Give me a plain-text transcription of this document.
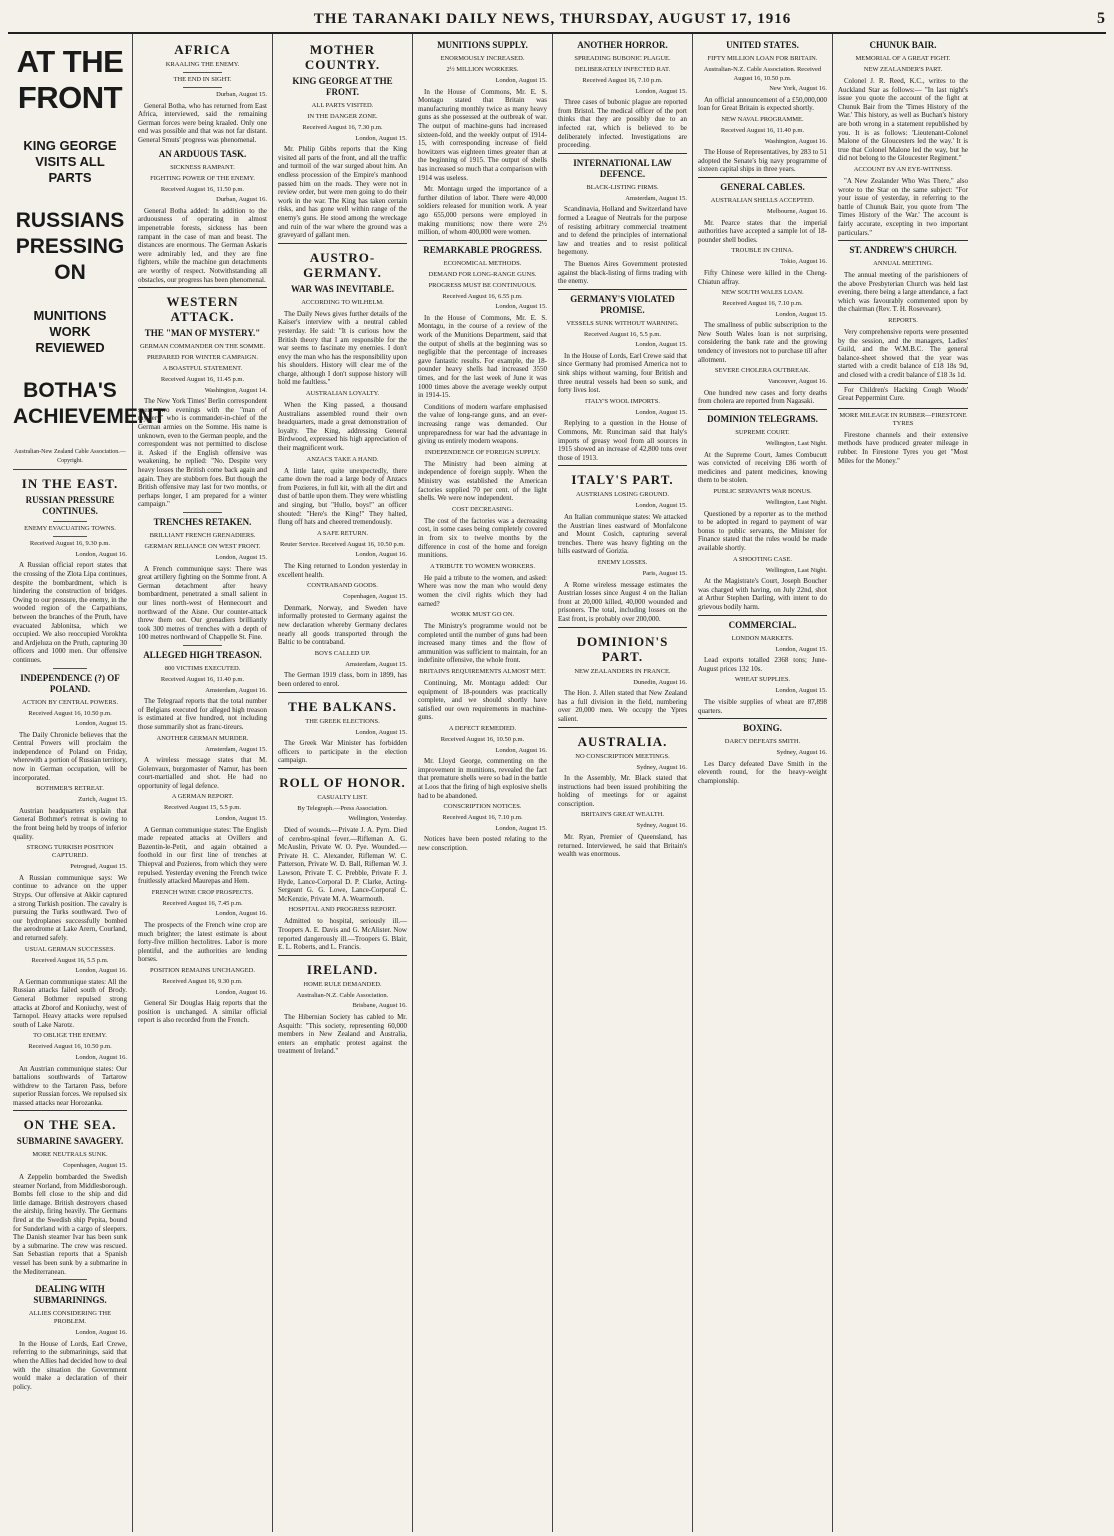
THE TARANAKI DAILY NEWS, THURSDAY, AUGUST 17, 1916	5
AT THE FRONT
KING GEORGE VISITS ALL PARTS
RUSSIANS PRESSING ON
MUNITIONS WORK REVIEWED
BOTHA'S ACHIEVEMENT
Australian-New Zealand Cable Association.—Copyright.
IN THE EAST.
RUSSIAN PRESSURE CONTINUES.
ENEMY EVACUATING TOWNS.
Received August 16, 9.30 p.m.
London, August 16.

A Russian official report states that the crossing of the Zlota Lipa continues, despite the bombardment, which is hindering the construction of bridges. Owing to our pressure, the enemy, in the wooded region of the Carpathians, between the branches of the Pruth, have evacuated Jablonitsa, which we occupied. We also reoccupied Vorokhta and Ardjeluza on the Pruth, capturing 30 officers and 1000 men. Our offensive continues.

INDEPENDENCE (?) OF POLAND.
ACTION BY CENTRAL POWERS.
Received August 16, 10.50 p.m.
London, August 15.

The Daily Chronicle believes that the Central Powers will proclaim the independence of Poland on Friday, wherewith a portion of Russian territory, now in German occupation, will be incorporated.

BOTHMER'S RETREAT.
Zurich, August 15.

Austrian headquarters explain that General Bothmer's retreat is owing to the front being held by troops of inferior quality.

STRONG TURKISH POSITION CAPTURED.
Petrograd, August 15.

A Russian communique says: We continue to advance on the upper Stryps. Our offensive at Akkir captured a strong Turkish position. The cavalry is pursuing the Turks southward. Two of our hydroplanes successfully bombed the aerodrome at Lake Arern, Courland, and returned safely.

USUAL GERMAN SUCCESSES.
Received August 16, 5.5 p.m.
London, August 16.

A German communique states: All the Russian attacks failed south of Brody. General Bothmer repulsed strong attacks at Zborof and Koniuchy, west of Tarnopol. Heavy attacks were repulsed south of Lake Narotz.

TO OBLIGE THE ENEMY.
Received August 16, 10.50 p.m.
London, August 16.

An Austrian communique states: Our battalions southwards of Tartarow withdrew to the Tartaren Pass, before superior Russian forces. We repulsed six massed attacks near Horozanka.

ON THE SEA.
SUBMARINE SAVAGERY.
MORE NEUTRALS SUNK.
Copenhagen, August 15.

A Zeppelin bombarded the Swedish steamer Norland, from Middlesborough. Bombs fell close to the ship and did little damage. British destroyers chased the airship, firing heavily. The Germans fired at the Swedish ship Pepita, bound for Sunderland with a cargo of sleepers. The Danish steamer Ivar has been sunk by a submarine. The crew was rescued. San Sebastian reports that a Spanish vessel has been sunk by a submarine in the Mediterranean.

DEALING WITH SUBMARININGS.
ALLIES CONSIDERING THE PROBLEM.
London, August 16.

In the House of Lords, Earl Crewe, referring to the submarinings, said that when the Allies had decided how to deal with the situation the Government would make a declaration of their policy.

AFRICA
KRAALING THE ENEMY.
THE END IN SIGHT.
Durban, August 15.

General Botha, who has returned from East Africa, interviewed, said the remaining German forces were being kraaled. Only one end was possible and that was not far distant. General Smuts' progress was phenomenal.

AN ARDUOUS TASK.
SICKNESS RAMPANT.
FIGHTING POWER OF THE ENEMY.
Received August 16, 11.50 p.m.
Durban, August 16.

General Botha added: In addition to the arduousness of operating in almost impenetrable forests, sickness has been rampant in the case of man and beast. The distances are enormous. The German Askaris were admirably led, and they are fine fighters, while the machine gun detachments are worthy of respect. Notwithstanding all obstacles, our progress has been phenomenal.

WESTERN ATTACK.
THE "MAN OF MYSTERY."
GERMAN COMMANDER ON THE SOMME.
PREPARED FOR WINTER CAMPAIGN.
A BOASTFUL STATEMENT.
Received August 16, 11.45 p.m.
Washington, August 14.

The New York Times' Berlin correspondent spent two evenings with the "man of mystery" who is commander-in-chief of the German armies on the Somme. His name is unknown, even to the German people, and the correspondent was not permitted to disclose it. Asked if the English offensive was weakening, he replied: "No. Despite very heavy losses the British come back again and again. They are stubborn foes. But though the British offensive may last for two months, or perhaps longer, I am prepared for a winter campaign."

TRENCHES RETAKEN.
BRILLIANT FRENCH GRENADIERS.
GERMAN RELIANCE ON WEST FRONT.
London, August 15.

A French communique says: There was great artillery fighting on the Somme front. A German detachment after heavy bombardment, penetrated a small salient in our lines north-west of Hennecourt and northward of the Aisne. Our counter-attack threw them out. Our grenadiers brilliantly took 300 metres of trenches with a depth of 100 metres northward of Chappelle St. Fine.

ALLEGED HIGH TREASON.
800 VICTIMS EXECUTED.
Received August 16, 11.40 p.m.
Amsterdam, August 16.

The Telegraaf reports that the total number of Belgians executed for alleged high treason is estimated at five hundred, not including those summarily shot as franc-tireurs.

ANOTHER GERMAN MURDER.
Amsterdam, August 15.

A wireless message states that M. Golenvaux, burgomaster of Namur, has been court-martialled and shot. He had no opportunity of legal defence.

A GERMAN REPORT.
Received August 15, 5.5 p.m.
London, August 15.

A German communique states: The English made repeated attacks at Ovillers and Bazentin-le-Petit, and again obtained a foothold in our first line of trenches at Thiepval and Pozieres, from which they were repulsed. Yesterday evening the French twice fruitlessly attacked Maurepas and Hem.

FRENCH WINE CROP PROSPECTS.
Received August 16, 7.45 p.m.
London, August 16.

The prospects of the French wine crop are much brighter; the latest estimate is about forty-five million hectolitres. Labor is more plentiful, and the authorities are lending horses.

POSITION REMAINS UNCHANGED.
Received August 16, 9.30 p.m.
London, August 16.

General Sir Douglas Haig reports that the position is unchanged. A similar official report is also recorded from the French.

MOTHER COUNTRY.
KING GEORGE AT THE FRONT.
ALL PARTS VISITED.
IN THE DANGER ZONE.
Received August 16, 7.30 p.m.
London, August 15.

Mr. Philip Gibbs reports that the King visited all parts of the front, and all the traffic and turmoil of the war surged about him. An endless procession of the Empire's manhood passed him on the roads. They were not in review order, but were men going to do their work in the war. The King has taken certain risks, and has gone well within range of the enemy's guns. He stood among the wreckage and ruin of the war where the ground was a graveyard of gallant men.

AUSTRO-GERMANY.
WAR WAS INEVITABLE.
ACCORDING TO WILHELM.

The Daily News gives further details of the Kaiser's interview with a neutral cabled yesterday. He said: "It is curious how the British theory that I am responsible for the war seems to fascinate my enemies. I don't envy the man who has the responsibility upon his shoulders. History will clear me of the charge, although I don't suppose history will hold me faultless."

AUSTRALIAN LOYALTY.

When the King passed, a thousand Australians assembled round their own headquarters, made a great demonstration of loyalty. The King, addressing General Birdwood, expressed his high appreciation of their magnificent work.

ANZACS TAKE A HAND.

A little later, quite unexpectedly, there came down the road a large body of Anzacs from Pozieres, in full kit, with all the dirt and dust of battle upon them. They were whistling and singing, but "Hullo, boys!" an officer shouted: "Here's the King!" They halted, flung off hats and cheered tremendously.

A SAFE RETURN.
Reuter Service. Received August 16, 10.50 p.m.
London, August 16.

The King returned to London yesterday in excellent health.

CONTRABAND GOODS.
Copenhagen, August 15.

Denmark, Norway, and Sweden have informally protested to Germany against the new declaration whereby Germany declares nearly all goods transported through the Baltic to be contraband.

BOYS CALLED UP.
Amsterdam, August 15.

The German 1919 class, born in 1899, has been ordered to enrol.

THE BALKANS.
THE GREEK ELECTIONS.
London, August 15.

The Greek War Minister has forbidden officers to participate in the election campaign.

ROLL OF HONOR.
CASUALTY LIST.
By Telegraph.—Press Association.
Wellington, Yesterday.

Died of wounds.—Private J. A. Pyrn. Died of cerebro-spinal fever.—Rifleman A. G. McAuslin, Private W. O. Pye. Wounded.—Private H. C. Alexander, Rifleman W. C. Patterson, Private W. D. Ball, Rifleman W. J. Lawson, Private T. C. Prebble, Private F. J. Hyde, Lance-Corporal D. P. Clarke, Acting-Sergeant G. G. Lowe, Lance-Corporal C. McKenzie, Private M. A. Wearmouth.

HOSPITAL AND PROGRESS REPORT.

Admitted to hospital, seriously ill.—Troopers A. E. Davis and G. McAlister. Now reported dangerously ill.—Troopers G. Blair, E. L. Roberts, and L. Francis.

IRELAND.
HOME RULE DEMANDED.
Australian-N.Z. Cable Association.
Brisbane, August 16.

The Hibernian Society has cabled to Mr. Asquith: "This society, representing 60,000 members in New Zealand and Australia, enters an emphatic protest against the treatment of Ireland."

MUNITIONS SUPPLY.
ENORMOUSLY INCREASED.
2½ MILLION WORKERS.
London, August 15.

In the House of Commons, Mr. E. S. Montagu stated that Britain was manufacturing monthly twice as many heavy guns as she possessed at the outbreak of war. The output of machine-guns had increased sixteen-fold, and the weekly output of 1914-15, with corresponding increase of field howitzers was eighteen times greater than at the beginning of 1915. The output of shells has increased so much that a comparison with 1914 was useless.

Mr. Montagu urged the importance of a further dilution of labor. There were 40,000 soldiers released for munition work. A year ago 655,000 persons were employed in making munitions; now there were 2½ million, of whom 400,000 were women.

REMARKABLE PROGRESS.
ECONOMICAL METHODS.
DEMAND FOR LONG-RANGE GUNS.
PROGRESS MUST BE CONTINUOUS.
Received August 16, 6.55 p.m.
London, August 15.

In the House of Commons, Mr. E. S. Montagu, in the course of a review of the work of the Munitions Department, said that the output of shells at the beginning was so negligible that the percentage of increases gave fantastic results. For example, the 18-pounder heavy shells had increased 3550 times, and for the last week of June it was 1000 times above the average weekly output in 1914-15.

Conditions of modern warfare emphasised the value of long-range guns, and an ever-increasing range was demanded. Our unpreparedness for war had the advantage in giving us entirely modern weapons.

INDEPENDENCE OF FOREIGN SUPPLY.

The Ministry had been aiming at independence of foreign supply. When the Ministry was established the American factories supplied 70 per cent. of the light shells. We were now independent.

COST DECREASING.

The cost of the factories was a decreasing cost, in some cases being completely covered in from six to twelve months by the difference in cost of the home and foreign munitions.

A TRIBUTE TO WOMEN WORKERS.

He paid a tribute to the women, and asked: Where was now the man who would deny women the civil rights which they had earned?

WORK MUST GO ON.

The Ministry's programme would not be completed until the number of guns had been increased many times and the flow of ammunition was sufficient to maintain, for an indefinite offensive, the whole front.

BRITAIN'S REQUIREMENTS ALMOST MET.

Continuing, Mr. Montagu added: Our equipment of 18-pounders was practically complete, and we should shortly have satisfied our own requirements in machine-guns.

A DEFECT REMEDIED.
Received August 16, 10.50 p.m.
London, August 16.

Mr. Lloyd George, commenting on the improvement in munitions, revealed the fact that premature shells were so bad in the battle at Loos that the firing of high explosive shells had to be abandoned.

CONSCRIPTION NOTICES.
Received August 16, 7.10 p.m.
London, August 15.

Notices have been posted relating to the new conscription.

ANOTHER HORROR.
SPREADING BUBONIC PLAGUE.
DELIBERATELY INFECTED RAT.
Received August 16, 7.10 p.m.
London, August 15.

Three cases of bubonic plague are reported from Bristol. The medical officer of the port thinks that they are possibly due to an infected rat, which is believed to be deliberately infected. Investigations are proceeding.

INTERNATIONAL LAW DEFENCE.
BLACK-LISTING FIRMS.
Amsterdam, August 15.

Scandinavia, Holland and Switzerland have formed a League of Neutrals for the purpose of resisting arbitrary commercial treatment and to defend the principles of international law and treaties and to resist political hegemony.

The Buenos Aires Government protested against the black-listing of firms trading with the enemy.

GERMANY'S VIOLATED PROMISE.
VESSELS SUNK WITHOUT WARNING.
Received August 16, 5.5 p.m.
London, August 15.

In the House of Lords, Earl Crewe said that since Germany had promised America not to sink ships without warning, four British and three neutral vessels had been so sunk, and forty lives lost.

ITALY'S WOOL IMPORTS.
London, August 15.

Replying to a question in the House of Commons, Mr. Runciman said that Italy's imports of greasy wool from all sources in 1915 showed an increase of 42,800 tons over those of 1913.

ITALY'S PART.
AUSTRIANS LOSING GROUND.
London, August 15.

An Italian communique states: We attacked the Austrian lines eastward of Monfalcone and Mount Cosich, capturing several trenches. There was heavy fighting on the hills eastward of Gorizia.

ENEMY LOSSES.
Paris, August 15.

A Rome wireless message estimates the Austrian losses since August 4 on the Italian front at 20,000 killed, 40,000 wounded and prisoners. The total, including losses on the East front, is probably over 200,000.

DOMINION'S PART.
NEW ZEALANDERS IN FRANCE.
Dunedin, August 16.

The Hon. J. Allen stated that New Zealand has a full division in the field, numbering over 20,000 men. We occupy the Ypres salient.

AUSTRALIA.
NO CONSCRIPTION MEETINGS.
Sydney, August 16.

In the Assembly, Mr. Black stated that instructions had been issued prohibiting the holding of meetings for or against conscription.

BRITAIN'S GREAT WEALTH.
Sydney, August 16.

Mr. Ryan, Premier of Queensland, has returned. Interviewed, he said that Britain's wealth was enormous.

UNITED STATES.
FIFTY MILLION LOAN FOR BRITAIN.
Australian-N.Z. Cable Association. Received August 16, 10.50 p.m.
New York, August 16.

An official announcement of a £50,000,000 loan for Great Britain is expected shortly.

NEW NAVAL PROGRAMME.
Received August 16, 11.40 p.m.
Washington, August 16.

The House of Representatives, by 283 to 51 adopted the Senate's big navy programme of sixteen capital ships in three years.

GENERAL CABLES.
AUSTRALIAN SHELLS ACCEPTED.
Melbourne, August 16.

Mr. Pearce states that the imperial authorities have accepted a sample lot of 18-pounder shell bodies.

TROUBLE IN CHINA.
Tokio, August 16.

Fifty Chinese were killed in the Cheng-Chiatun affray.

NEW SOUTH WALES LOAN.
Received August 16, 7.10 p.m.
London, August 15.

The smallness of public subscription to the New South Wales loan is not surprising, considering the bank rate and the growing tendency of investors not to purchase till after allotment.

SEVERE CHOLERA OUTBREAK.
Vancouver, August 16.

One hundred new cases and forty deaths from cholera are reported from Nagasaki.

DOMINION TELEGRAMS.
SUPREME COURT.
Wellington, Last Night.

At the Supreme Court, James Combucutt was convicted of receiving £86 worth of medicines and patent medicines, knowing them to be stolen.

PUBLIC SERVANTS WAR BONUS.
Wellington, Last Night.

Questioned by a reporter as to the method to be adopted in regard to payment of war bonus to public servants, the Minister for Finance stated that the rules would be made available shortly.

A SHOOTING CASE.
Wellington, Last Night.

At the Magistrate's Court, Joseph Boucher was charged with having, on July 22nd, shot at Arthur Stephen Darling, with intent to do grievous bodily harm.

COMMERCIAL.
LONDON MARKETS.
London, August 15.

Lead exports totalled 2368 tons; June-August prices 132 10s.

WHEAT SUPPLIES.
London, August 15.

The visible supplies of wheat are 87,898 quarters.

BOXING.
DARCY DEFEATS SMITH.
Sydney, August 16.

Les Darcy defeated Dave Smith in the eleventh round, for the heavy-weight championship.

CHUNUK BAIR.
MEMORIAL OF A GREAT FIGHT.
NEW ZEALANDER'S PART.

Colonel J. R. Reed, K.C., writes to the Auckland Star as follows:— "In last night's issue you quote the account of the fight at Chunuk Bair from the 'Times History of the War.' This history, as well as Buchan's history are both wrong in a statement republished by you. It is as follows: 'Lieutenant-Colonel Malone of the Gloucesters led the way.' It is true that Colonel Malone led the way, but he did not belong to the Gloucester Regiment."

ACCOUNT BY AN EYE-WITNESS.

"A New Zealander Who Was There," also wrote to the Star on the same subject: "For your issue of yesterday, in referring to the battle of Chunuk Bair, you quote from 'The Times History of the War.' The account is fairly accurate, excepting in two important particulars."

ST. ANDREW'S CHURCH.
ANNUAL MEETING.

The annual meeting of the parishioners of the above Presbyterian Church was held last evening, there being a large attendance, a fact which was favourably commented upon by the chairman (Rev. T. H. Roseveare).

REPORTS.

Very comprehensive reports were presented by the session, and the managers, Ladies' Guild, and the W.M.B.C. The general balance-sheet showed that the year was started with a credit balance of £18 18s 9d, and closed with a credit balance of £18 3s 1d.

For Children's Hacking Cough Woods' Great Peppermint Cure.

MORE MILEAGE IN RUBBER—FIRESTONE TYRES

Firestone channels and their extensive methods have produced greater mileage in rubber. In Firestone Tyres you get "Most Miles for the Money."
